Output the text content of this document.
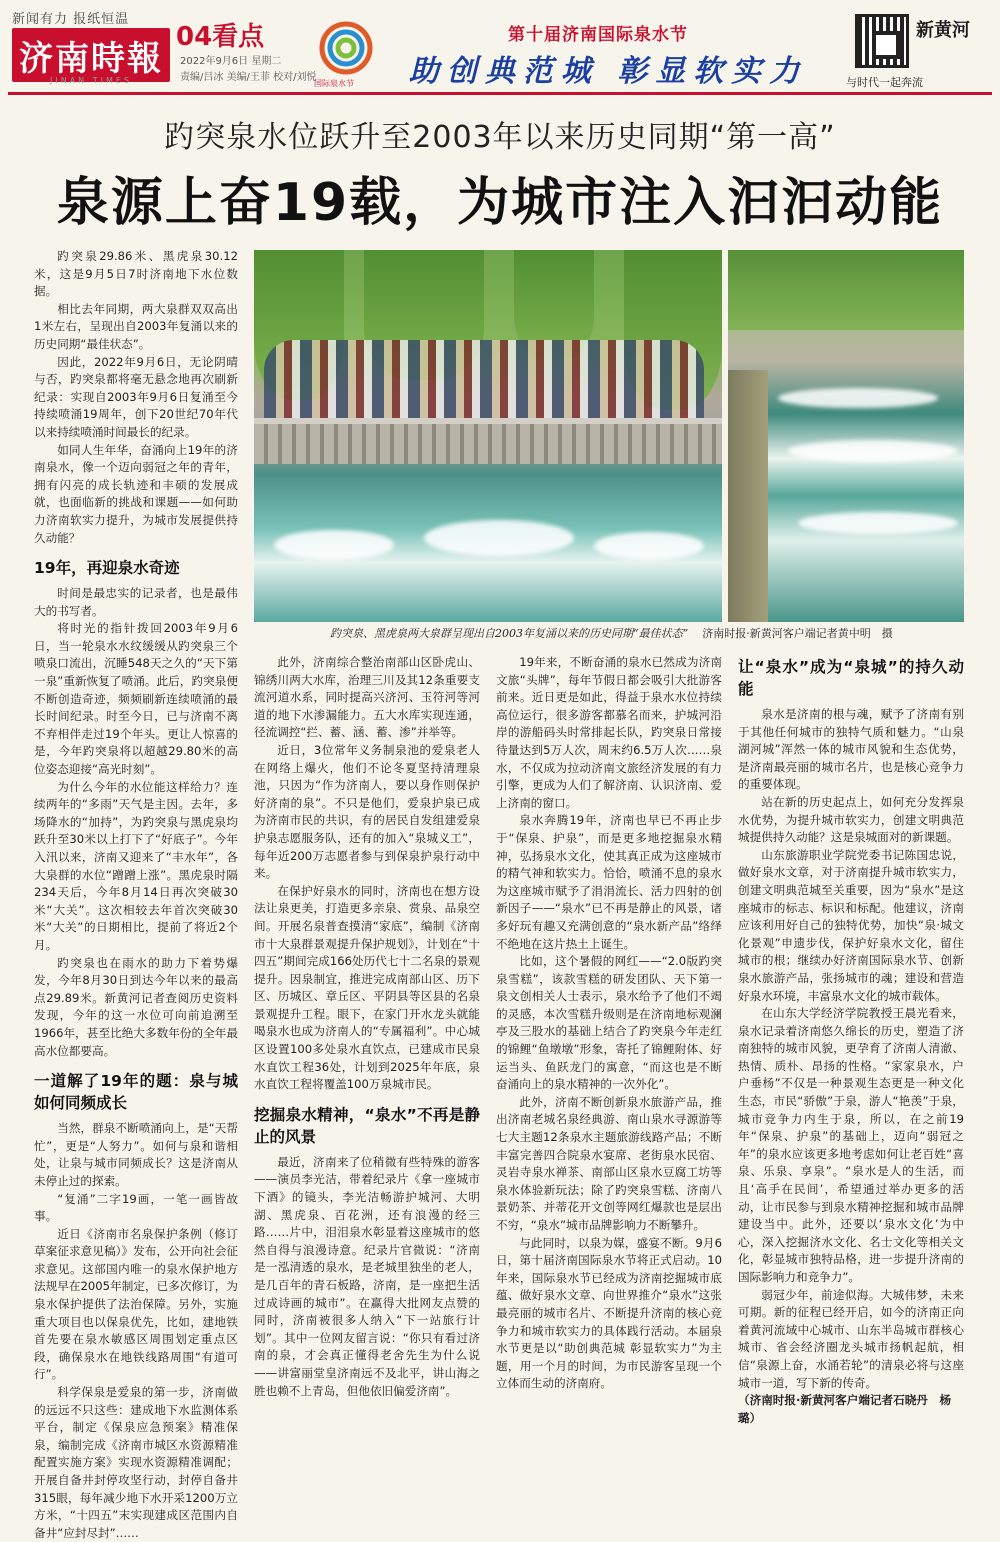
新闻有力 报纸恒温
济南時報
JINAN TIMES
04看点
2022年9月6日 星期二
责编/吕冰 美编/王菲 校对/刘悦
国际泉水节
第十届济南国际泉水节
助创典范城 彰显软实力
新黄河
与时代一起奔流
趵突泉水位跃升至2003年以来历史同期“第一高”
泉源上奋19载，为城市注入汩汩动能
趵突泉、黑虎泉两大泉群呈现出自2003年复涌以来的历史同期“最佳状态” 济南时报·新黄河客户端记者黄中明　摄

趵突泉29.86米、黑虎泉30.12米，这是9月5日7时济南地下水位数据。

相比去年同期，两大泉群双双高出1米左右，呈现出自2003年复涌以来的历史同期“最佳状态”。

因此，2022年9月6日，无论阴晴与否，趵突泉都将毫无悬念地再次刷新纪录：实现自2003年9月6日复涌至今持续喷涌19周年，创下20世纪70年代以来持续喷涌时间最长的纪录。

如同人生年华，奋涌向上19年的济南泉水，像一个迈向弱冠之年的青年，拥有闪亮的成长轨迹和丰硕的发展成就，也面临新的挑战和课题——如何助力济南软实力提升，为城市发展提供持久动能？

19年，再迎泉水奇迹

时间是最忠实的记录者，也是最伟大的书写者。

将时光的指针拨回2003年9月6日，当一轮泉水水纹缓缓从趵突泉三个喷泉口流出，沉睡548天之久的“天下第一泉”重新恢复了喷涌。此后，趵突泉便不断创造奇迹，频频刷新连续喷涌的最长时间纪录。时至今日，已与济南不离不弃相伴走过19个年头。更让人惊喜的是，今年趵突泉将以超越29.80米的高位姿态迎接“高光时刻”。

为什么今年的水位能这样给力？连续两年的“多雨”天气是主因。去年，多场降水的“加持”，为趵突泉与黑虎泉均跃升至30米以上打下了“好底子”。今年入汛以来，济南又迎来了“丰水年”，各大泉群的水位“蹭蹭上涨”。黑虎泉时隔234天后，今年8月14日再次突破30米“大关”。这次相较去年首次突破30米“大关”的日期相比，提前了将近2个月。

趵突泉也在雨水的助力下着势爆发，今年8月30日到达今年以来的最高点29.89米。新黄河记者查阅历史资料发现，今年的这一水位可向前追溯至1966年，甚至比绝大多数年份的全年最高水位都要高。

一道解了19年的题：泉与城如何同频成长

当然，群泉不断喷涌向上，是“天帮忙”，更是“人努力”。如何与泉和谐相处，让泉与城市同频成长？这是济南从未停止过的探索。

“复涌”二字19画，一笔一画皆故事。

近日《济南市名泉保护条例（修订草案征求意见稿）》发布，公开向社会征求意见。这部国内唯一的泉水保护地方法规早在2005年制定，已多次修订，为泉水保护提供了法治保障。另外，实施重大项目也以保泉优先，比如，建地铁首先要在泉水敏感区周围划定重点区段，确保泉水在地铁线路周围“有道可行”。

科学保泉是爱泉的第一步，济南做的远远不只这些：建成地下水监测体系平台，制定《保泉应急预案》精准保泉，编制完成《济南市城区水资源精准配置实施方案》实现水资源精准调配；开展自备井封停攻坚行动，封停自备井315眼，每年减少地下水开采1200万立方米，“十四五”末实现建成区范围内自备井“应封尽封”……

此外，济南综合整治南部山区卧虎山、锦绣川两大水库，治理三川及其12条重要支流河道水系，同时提高兴济河、玉符河等河道的地下水渗漏能力。五大水库实现连通，径流调控“拦、蓄、涵、蓄、渗”并举等。

近日，3位常年义务制泉池的爱泉老人在网络上爆火，他们不论冬夏坚持清理泉池，只因为“作为济南人，要以身作则保护好济南的泉”。不只是他们，爱泉护泉已成为济南市民的共识，有的居民自发组建爱泉护泉志愿服务队，还有的加入“泉城义工”，每年近200万志愿者参与到保泉护泉行动中来。

在保护好泉水的同时，济南也在想方设法让泉更美，打造更多亲泉、赏泉、品泉空间。开展名泉普查摸清“家底”，编制《济南市十大泉群景观提升保护规划》，计划在“十四五”期间完成166处历代七十二名泉的景观提升。因泉制宜，推进完成南部山区、历下区、历城区、章丘区、平阴县等区县的名泉景观提升工程。眼下，在家门开水龙头就能喝泉水也成为济南人的“专属福利”。中心城区设置100多处泉水直饮点，已建成市民泉水直饮工程36处，计划到2025年年底，泉水直饮工程将覆盖100万泉城市民。

挖掘泉水精神，“泉水”不再是静止的风景

最近，济南来了位稍微有些特殊的游客——演员李光洁，带着纪录片《拿一座城市下酒》的镜头，李光洁畅游护城河、大明湖、黑虎泉、百花洲，还有浪漫的经三路……片中，泪泪泉水彰显着这座城市的悠然自得与浪漫诗意。纪录片官微说：“济南是一泓清透的泉水，是老城里独坐的老人，是几百年的青石板路，济南，是一座把生活过成诗画的城市”。在赢得大批网友点赞的同时，济南被很多人纳入“下一站旅行计划”。其中一位网友留言说：“你只有看过济南的泉，才会真正懂得老舍先生为什么说——讲富丽堂皇济南远不及北平，讲山海之胜也赖不上青岛，但他依旧偏爱济南”。

19年来，不断奋涌的泉水已然成为济南文旅“头牌”，每年节假日都会吸引大批游客前来。近日更是如此，得益于泉水水位持续高位运行，很多游客都慕名而来，护城河沿岸的游船码头时常排起长队，趵突泉日常接待量达到5万人次，周末约6.5万人次……泉水，不仅成为拉动济南文旅经济发展的有力引擎，更成为人们了解济南、认识济南、爱上济南的窗口。

泉水奔腾19年，济南也早已不再止步于“保泉、护泉”，而是更多地挖掘泉水精神，弘扬泉水文化，使其真正成为这座城市的精气神和软实力。恰恰，喷涌不息的泉水为这座城市赋予了涓涓流长、活力四射的创新因子——“泉水”已不再是静止的风景，诸多好玩有趣又充满创意的“泉水新产品”络绎不绝地在这片热土上诞生。

比如，这个暑假的网红——“2.0版趵突泉雪糕”，该款雪糕的研发团队、天下第一泉文创相关人士表示，泉水给予了他们不竭的灵感，本次雪糕升级则是在济南地标观澜亭及三股水的基础上结合了趵突泉今年走红的锦鲤“鱼墩墩”形象，寄托了锦鲤附体、好运当头、鱼跃龙门的寓意，“而这也是不断奋涌向上的泉水精神的一次外化”。

此外，济南不断创新泉水旅游产品，推出济南老城名泉经典游、南山泉水寻源游等七大主题12条泉水主题旅游线路产品；不断丰富完善四合院泉水宴席、老街泉水民宿、灵岩寺泉水禅茶、南部山区泉水豆腐工坊等泉水体验新玩法；除了趵突泉雪糕、济南八景奶茶、并蒂花开文创等网红爆款也是层出不穷，“泉水”城市品牌影响力不断攀升。

与此同时，以泉为媒，盛宴不断。9月6日，第十届济南国际泉水节将正式启动。10年来，国际泉水节已经成为济南挖掘城市底蕴、做好泉水文章、向世界推介“泉水”这张最亮丽的城市名片、不断提升济南的核心竞争力和城市软实力的具体践行活动。本届泉水节更是以“助创典范城 彰显软实力”为主题，用一个月的时间，为市民游客呈现一个立体而生动的济南府。

让“泉水”成为“泉城”的持久动能

泉水是济南的根与魂，赋予了济南有别于其他任何城市的独特气质和魅力。“山泉湖河城”浑然一体的城市风貌和生态优势，是济南最亮丽的城市名片，也是核心竞争力的重要体现。

站在新的历史起点上，如何充分发挥泉水优势，为提升城市软实力，创建文明典范城提供持久动能？这是泉城面对的新课题。

山东旅游职业学院党委书记陈国忠说，做好泉水文章，对于济南提升城市软实力，创建文明典范城至关重要，因为“泉水”是这座城市的标志、标识和标配。他建议，济南应该利用好自己的独特优势，加快“泉·城文化景观”申遗步伐，保护好泉水文化，留住城市的根；继续办好济南国际泉水节、创新泉水旅游产品，张扬城市的魂；建设和营造好泉水环境，丰富泉水文化的城市载体。

在山东大学经济学院教授王晨光看来，泉水记录着济南悠久绵长的历史，塑造了济南独特的城市风貌，更孕育了济南人清澈、热情、质朴、昂扬的性格。“家家泉水，户户垂杨”不仅是一种景观生态更是一种文化生态，市民“骄傲”于泉，游人“艳羡”于泉，城市竞争力内生于泉，所以，在之前19年“保泉、护泉”的基础上，迈向“弱冠之年”的泉水应该更多地考虑如何让老百姓“喜泉、乐泉、享泉”。“泉水是人的生活，而且‘高手在民间’，希望通过举办更多的活动，让市民参与到泉水精神挖掘和城市品牌建设当中。此外，还要以‘泉水文化’为中心，深入挖掘济水文化、名士文化等相关文化，彰显城市独特品格，进一步提升济南的国际影响力和竞争力”。

弱冠少年，前途似海。大城伟梦，未来可期。新的征程已经开启，如今的济南正向着黄河流域中心城市、山东半岛城市群核心城市、省会经济圈龙头城市扬帆起航，相信“泉源上奋，水涌若轮”的清泉必将与这座城市一道，写下新的传奇。

（济南时报·新黄河客户端记者石晓丹　杨璐）
